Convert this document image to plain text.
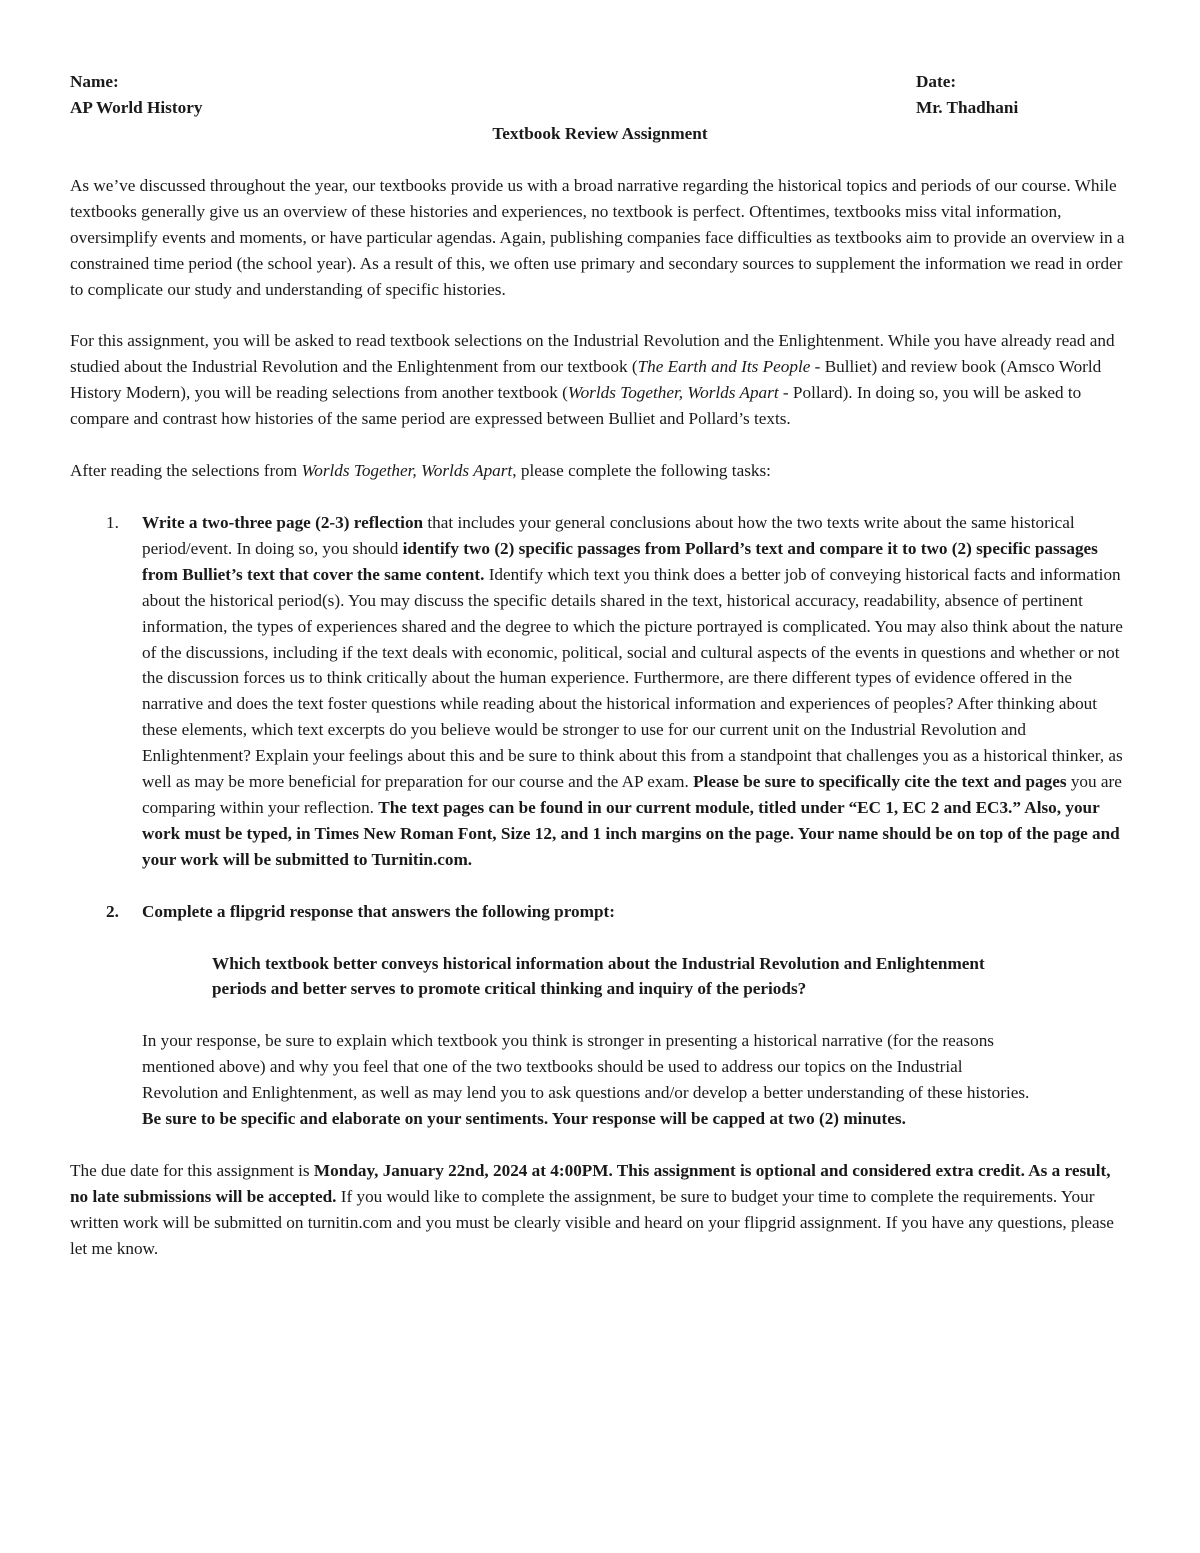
Name:	Date:
AP World History	Mr. Thadhani
Textbook Review Assignment

As we’ve discussed throughout the year, our textbooks provide us with a broad narrative regarding the historical topics and periods of our course. While textbooks generally give us an overview of these histories and experiences, no textbook is perfect. Oftentimes, textbooks miss vital information, oversimplify events and moments, or have particular agendas. Again, publishing companies face difficulties as textbooks aim to provide an overview in a constrained time period (the school year). As a result of this, we often use primary and secondary sources to supplement the information we read in order to complicate our study and understanding of specific histories.

For this assignment, you will be asked to read textbook selections on the Industrial Revolution and the Enlightenment. While you have already read and studied about the Industrial Revolution and the Enlightenment from our textbook (The Earth and Its People - Bulliet) and review book (Amsco World History Modern), you will be reading selections from another textbook (Worlds Together, Worlds Apart - Pollard). In doing so, you will be asked to compare and contrast how histories of the same period are expressed between Bulliet and Pollard’s texts.

After reading the selections from Worlds Together, Worlds Apart, please complete the following tasks:

1. Write a two-three page (2-3) reflection that includes your general conclusions about how the two texts write about the same historical period/event. In doing so, you should identify two (2) specific passages from Pollard’s text and compare it to two (2) specific passages from Bulliet’s text that cover the same content. Identify which text you think does a better job of conveying historical facts and information about the historical period(s). You may discuss the specific details shared in the text, historical accuracy, readability, absence of pertinent information, the types of experiences shared and the degree to which the picture portrayed is complicated. You may also think about the nature of the discussions, including if the text deals with economic, political, social and cultural aspects of the events in questions and whether or not the discussion forces us to think critically about the human experience. Furthermore, are there different types of evidence offered in the narrative and does the text foster questions while reading about the historical information and experiences of peoples? After thinking about these elements, which text excerpts do you believe would be stronger to use for our current unit on the Industrial Revolution and Enlightenment? Explain your feelings about this and be sure to think about this from a standpoint that challenges you as a historical thinker, as well as may be more beneficial for preparation for our course and the AP exam. Please be sure to specifically cite the text and pages you are comparing within your reflection. The text pages can be found in our current module, titled under “EC 1, EC 2 and EC3.” Also, your work must be typed, in Times New Roman Font, Size 12, and 1 inch margins on the page. Your name should be on top of the page and your work will be submitted to Turnitin.com.
2. Complete a flipgrid response that answers the following prompt:
Which textbook better conveys historical information about the Industrial Revolution and Enlightenment periods and better serves to promote critical thinking and inquiry of the periods?
In your response, be sure to explain which textbook you think is stronger in presenting a historical narrative (for the reasons mentioned above) and why you feel that one of the two textbooks should be used to address our topics on the Industrial Revolution and Enlightenment, as well as may lend you to ask questions and/or develop a better understanding of these histories. Be sure to be specific and elaborate on your sentiments. Your response will be capped at two (2) minutes.

The due date for this assignment is Monday, January 22nd, 2024 at 4:00PM. This assignment is optional and considered extra credit. As a result, no late submissions will be accepted. If you would like to complete the assignment, be sure to budget your time to complete the requirements. Your written work will be submitted on turnitin.com and you must be clearly visible and heard on your flipgrid assignment. If you have any questions, please let me know.
